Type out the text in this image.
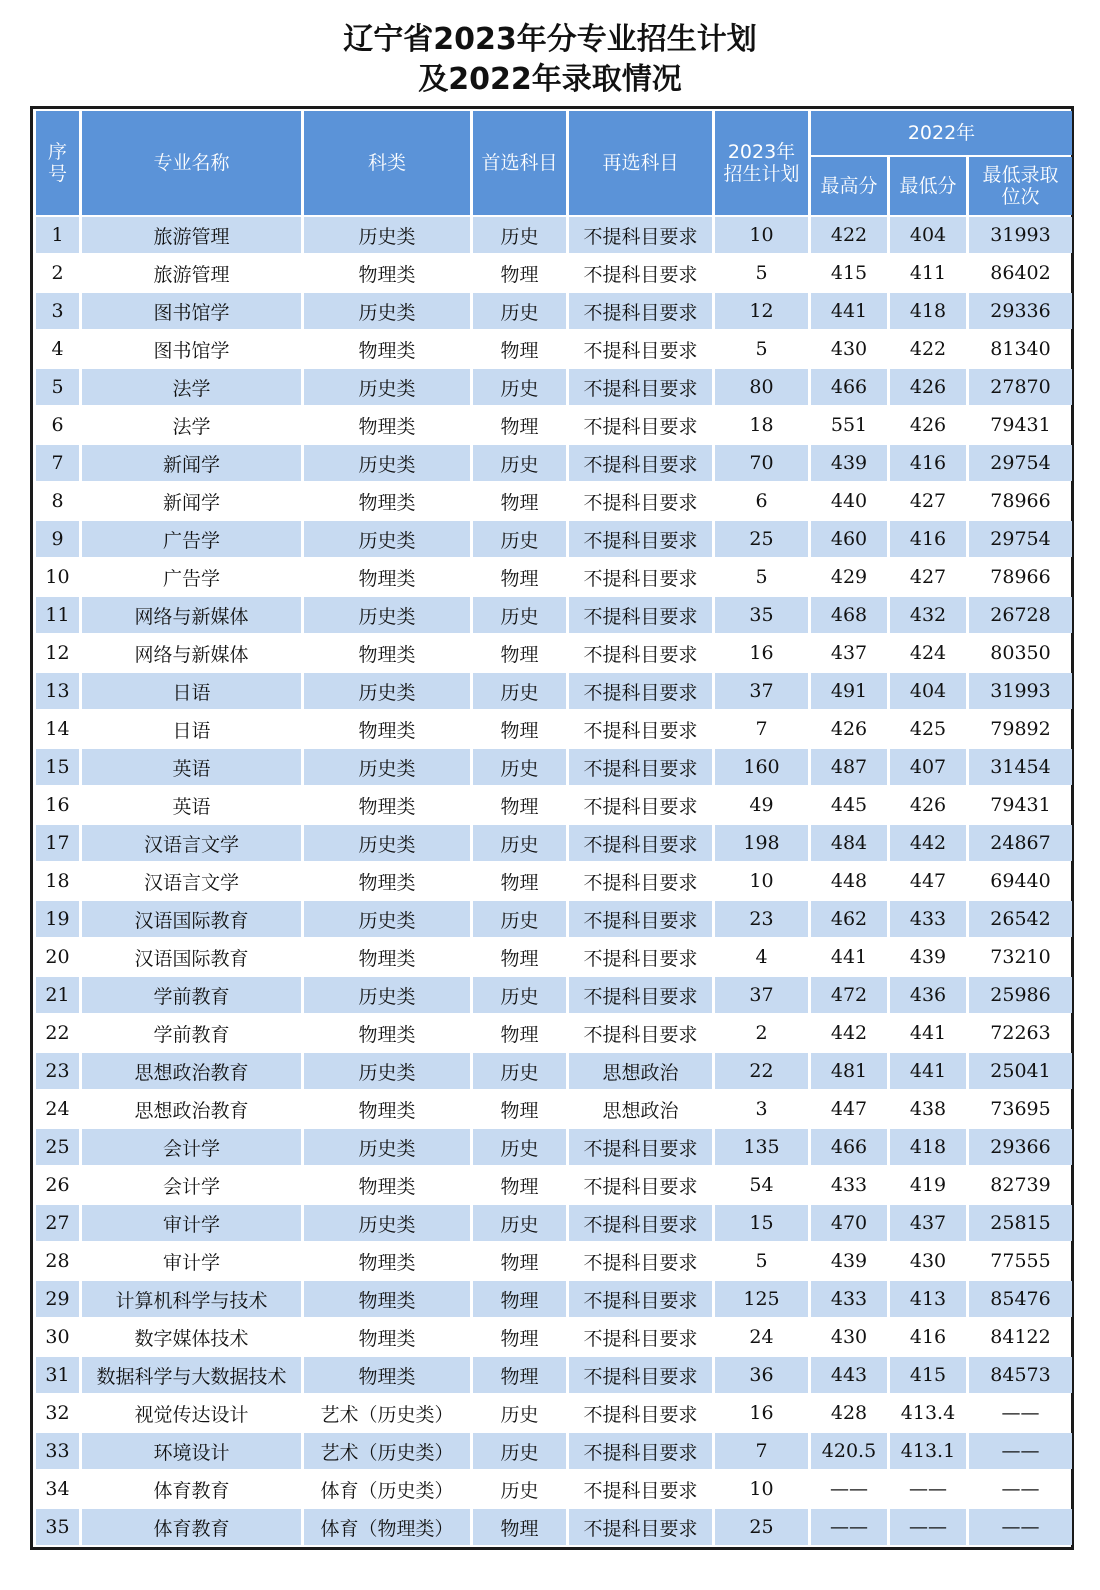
辽宁省2023年分专业招生计划
及2022年录取情况
序
号	专业名称	科类	首选科目	再选科目	2023年
招生计划	2022年		
						最高分	最低分	最低录取
位次
1	旅游管理	历史类	历史	不提科目要求	10	422	404	31993
2	旅游管理	物理类	物理	不提科目要求	5	415	411	86402
3	图书馆学	历史类	历史	不提科目要求	12	441	418	29336
4	图书馆学	物理类	物理	不提科目要求	5	430	422	81340
5	法学	历史类	历史	不提科目要求	80	466	426	27870
6	法学	物理类	物理	不提科目要求	18	551	426	79431
7	新闻学	历史类	历史	不提科目要求	70	439	416	29754
8	新闻学	物理类	物理	不提科目要求	6	440	427	78966
9	广告学	历史类	历史	不提科目要求	25	460	416	29754
10	广告学	物理类	物理	不提科目要求	5	429	427	78966
11	网络与新媒体	历史类	历史	不提科目要求	35	468	432	26728
12	网络与新媒体	物理类	物理	不提科目要求	16	437	424	80350
13	日语	历史类	历史	不提科目要求	37	491	404	31993
14	日语	物理类	物理	不提科目要求	7	426	425	79892
15	英语	历史类	历史	不提科目要求	160	487	407	31454
16	英语	物理类	物理	不提科目要求	49	445	426	79431
17	汉语言文学	历史类	历史	不提科目要求	198	484	442	24867
18	汉语言文学	物理类	物理	不提科目要求	10	448	447	69440
19	汉语国际教育	历史类	历史	不提科目要求	23	462	433	26542
20	汉语国际教育	物理类	物理	不提科目要求	4	441	439	73210
21	学前教育	历史类	历史	不提科目要求	37	472	436	25986
22	学前教育	物理类	物理	不提科目要求	2	442	441	72263
23	思想政治教育	历史类	历史	思想政治	22	481	441	25041
24	思想政治教育	物理类	物理	思想政治	3	447	438	73695
25	会计学	历史类	历史	不提科目要求	135	466	418	29366
26	会计学	物理类	物理	不提科目要求	54	433	419	82739
27	审计学	历史类	历史	不提科目要求	15	470	437	25815
28	审计学	物理类	物理	不提科目要求	5	439	430	77555
29	计算机科学与技术	物理类	物理	不提科目要求	125	433	413	85476
30	数字媒体技术	物理类	物理	不提科目要求	24	430	416	84122
31	数据科学与大数据技术	物理类	物理	不提科目要求	36	443	415	84573
32	视觉传达设计	艺术（历史类）	历史	不提科目要求	16	428	413.4	——
33	环境设计	艺术（历史类）	历史	不提科目要求	7	420.5	413.1	——
34	体育教育	体育（历史类）	历史	不提科目要求	10	——	——	——
35	体育教育	体育（物理类）	物理	不提科目要求	25	——	——	——
